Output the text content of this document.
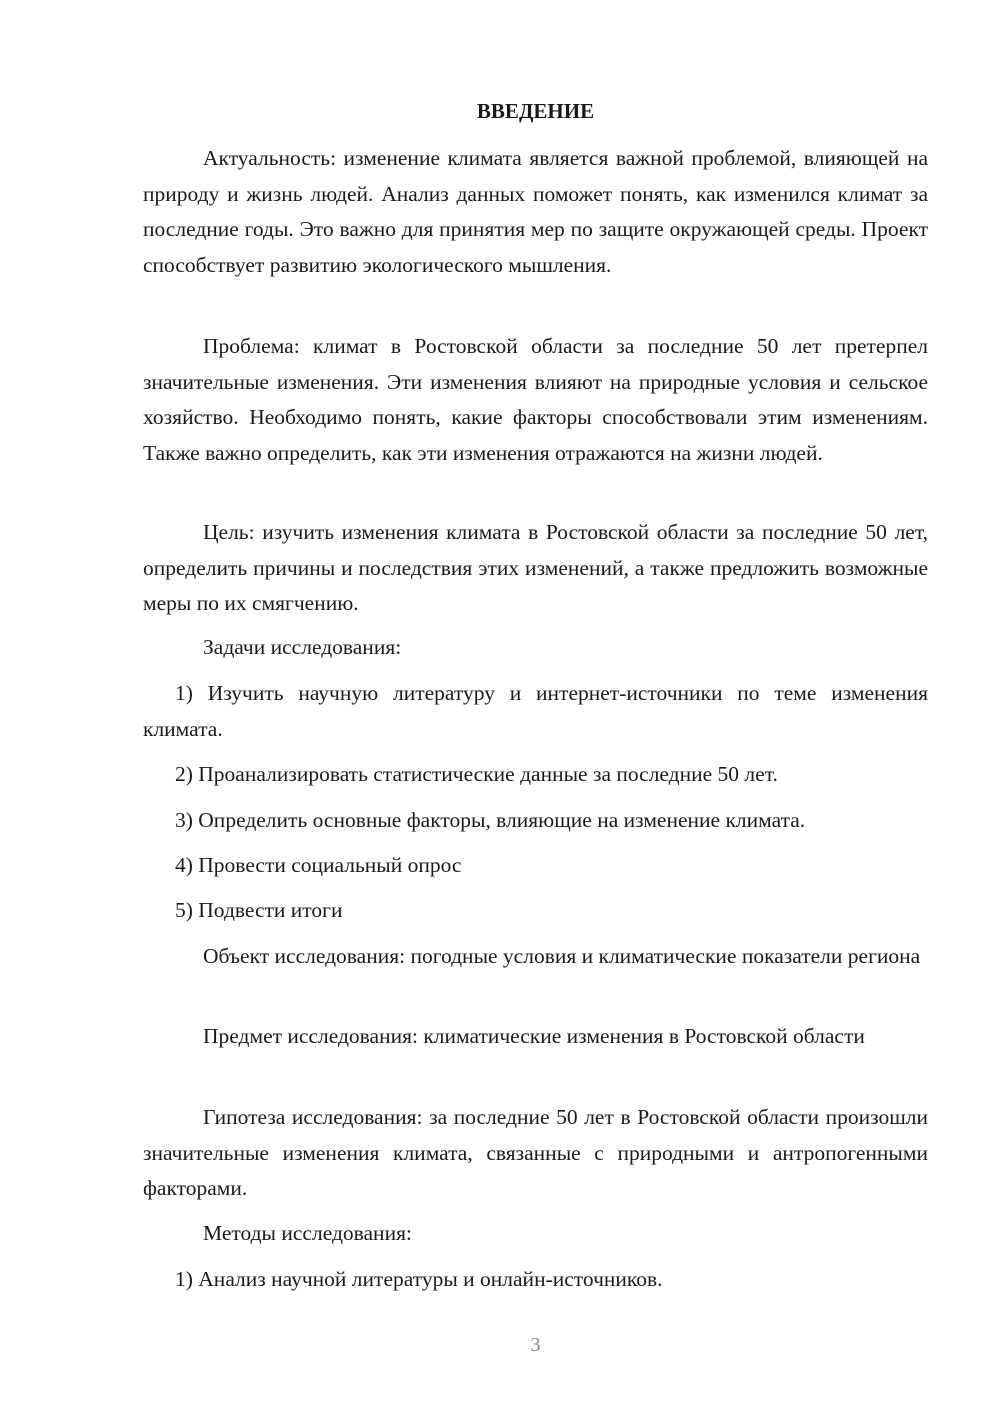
ВВЕДЕНИЕ

Актуальность: изменение климата является важной проблемой, влияющей на природу и жизнь людей. Анализ данных поможет понять, как изменился климат за последние годы. Это важно для принятия мер по защите окружающей среды. Проект способствует развитию экологического мышления.

Проблема: климат в Ростовской области за последние 50 лет претерпел значительные изменения. Эти изменения влияют на природные условия и сельское хозяйство. Необходимо понять, какие факторы способствовали этим изменениям. Также важно определить, как эти изменения отражаются на жизни людей.

Цель: изучить изменения климата в Ростовской области за последние 50 лет, определить причины и последствия этих изменений, а также предложить возможные меры по их смягчению.

Задачи исследования:

1) Изучить научную литературу и интернет-источники по теме изменения климата.

2) Проанализировать статистические данные за последние 50 лет.

3) Определить основные факторы, влияющие на изменение климата.

4) Провести социальный опрос

5) Подвести итоги

Объект исследования: погодные условия и климатические показатели региона

Предмет исследования: климатические изменения в Ростовской области

Гипотеза исследования: за последние 50 лет в Ростовской области произошли значительные изменения климата, связанные с природными и антропогенными факторами.

Методы исследования:

1) Анализ научной литературы и онлайн-источников.

3
